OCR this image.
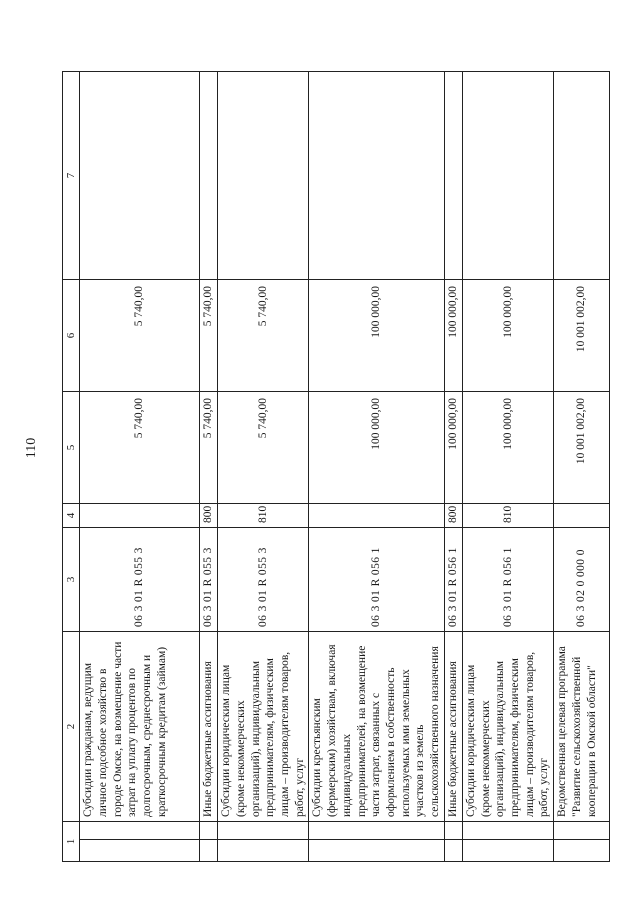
110
1		2	3	4	5	6	7
		Субсидии гражданам, ведущим личное подсобное хозяйство в городе Омске, на возмещение части затрат на уплату процентов по долгосрочным, среднесрочным и краткосрочным кредитам (займам)	06 3 01 R 055 3		5 740,00	5 740,00	
		Иные бюджетные ассигнования	06 3 01 R 055 3	800	5 740,00	5 740,00	
		Субсидии юридическим лицам (кроме некоммерческих организаций), индивидуальным предпринимателям, физическим лицам – производителям товаров, работ, услуг	06 3 01 R 055 3	810	5 740,00	5 740,00	
		Субсидии крестьянским (фермерским) хозяйствам, включая индивидуальных предпринимателей, на возмещение части затрат, связанных с оформлением в собственность используемых ими земельных участков из земель сельскохозяйственного назначения	06 3 01 R 056 1		100 000,00	100 000,00	
		Иные бюджетные ассигнования	06 3 01 R 056 1	800	100 000,00	100 000,00	
		Субсидии юридическим лицам (кроме некоммерческих организаций), индивидуальным предпринимателям, физическим лицам – производителям товаров, работ, услуг	06 3 01 R 056 1	810	100 000,00	100 000,00	
		Ведомственная целевая программа "Развитие сельскохозяйственной кооперации в Омской области"	06 3 02 0 000 0		10 001 002,00	10 001 002,00	
